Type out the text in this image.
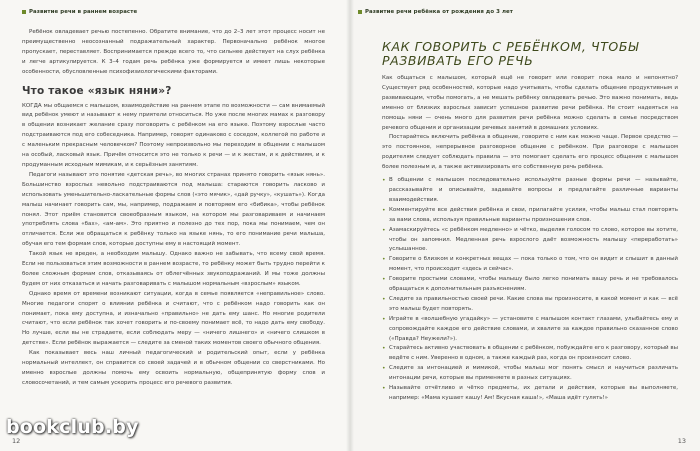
Развитие речи в раннем возрасте

Ребёнок овладевает речью постепенно. Обратите внимание, что до 2–3 лет этот процесс носит не преимущественно неосознанный подражательный характер. Первоначально ребёнок многое пропускает, переставляет. Воспринимается прежде всего то, что сильнее действует на слух ребёнка и легче артикулируется. К 3–4 годам речь ребёнка уже формируется и имеет лишь некоторые особенности, обусловленные психофизиологическими факторами.

Что такое «язык няни»?

КОГДА мы общаемся с малышом, взаимодействие на раннем этапе по возможности — сам внимаемый вид ребёнок умеют и называют к нему приятели относиться. Но уже после многих мамах к разговору в общении возникает желание сразу поговорить с ребёнком на его языке. Поэтому взрослые часто подстраиваются под его собеседника. Например, говорят одинаково с соседом, коллегой по работе и с маленьким прекрасным человечком? Поэтому непроизвольно мы переходим в общении с малышом на особый, ласковый язык. Причём относится это не только к речи — и к жестам, и к действиям, и к продуманным исходным мимикам, и к серьёзным занятиям.

Педагоги называют это понятие «детская речь», во многих странах принято говорить «язык нянь». Большинство взрослых невольно подстраиваются под малыша: стараются говорить ласково и использовать уменьшительно-ласкательные формы слов («это мячик», «дай ручку», «кушать»). Когда малыш начинает говорить сам, мы, например, подражаем и повторяем его «бибика», чтобы ребёнок понял. Этот приём становится своеобразным языком, на котором мы разговариваем и начинаем употреблять слова «бах», «ам-ам». Это приятно и полезно до тех пор, пока мы понимаем, чем он отличается. Если же обращаться к ребёнку только на языке нянь, то его понимание речи малыша, обучая его тем формам слов, которые доступны ему в настоящий момент.

Такой язык не вреден, а необходим малышу. Однако важно не забывать, что всему свой время. Если не пользоваться этим возможности в раннем возрасте, то ребёнку может быть трудно перейти к более сложным формам слов, отказываясь от облегчённых звукоподражаний. И мы тоже должны будем от них отказаться и начать разговаривать с малышом нормальным «взрослым» языком.

Однако время от времени возникают ситуации, когда в семье появляется «неправильное» слово. Многие педагоги спорят о влиянии ребёнка и считают, что с ребёнком надо говорить как он понимает, пока ему доступна, и изначально «правильно» не дать ему шанс. Но многие родители считают, что если ребёнок так хочет говорить и по-своему понимает всё, то надо дать ему свободу. Но лучше, если вы не страдаете, если соблюдать меру — «ничего лишнего» и «ничего слишком в детстве». Если ребёнок выражается — следите за сменой таких моментов своего обычного общения.

Как показывает весь наш личный педагогический и родительский опыт, если у ребёнка нормальный интеллект, он справится со своей задачей и в обычном общении со сверстниками. Но именно взрослые должны помочь ему освоить нормальную, общепринятую форму слов и словосочетаний, и тем самым ускорить процесс его речевого развития.

12
Развитие речи ребёнка от рождения до 3 лет
КАК ГОВОРИТЬ С РЕБЁНКОМ, ЧТОБЫ РАЗВИВАТЬ ЕГО РЕЧЬ

Как общаться с малышом, который ещё не говорит или говорит пока мало и непонятно? Существует ряд особенностей, которые надо учитывать, чтобы сделать общение продуктивным и развивающим, чтобы помогать, а не мешать ребёнку овладевать речью. Это важно понимать, ведь именно от близких взрослых зависит успешное развитие речи ребёнка. Не стоит надеяться на помощь няни — очень много для развития речи ребёнка можно сделать в семье посредством речевого общения и организации речевых занятий в домашних условиях.

Постарайтесь включить ребёнка в общение, говорите с ним как можно чаще. Первое средство — это постоянное, непрерывное разговорное общение с ребёнком. При разговоре с малышом родителям следует соблюдать правила — это помогает сделать его процесс общения с малышом более полезным и, а также активизировать его собственную речь ребёнка.

• В общении с малышом последовательно используйте разные формы речи — называйте, рассказывайте и описывайте, задавайте вопросы и предлагайте различные варианты взаимодействия.
• Комментируйте все действия ребёнка и свои, прилагайте усилия, чтобы малыш стал повторять за вами слова, используя правильные варианты произношения слов.
• Азамаскируйтесь «с ребёнком медленно» и чётко, выделяя голосом то слово, которое вы хотите, чтобы он запомнил. Медленная речь взрослого даёт возможность малышу «переработать» услышанное.
• Говорите о близком и конкретных вещах — пока только о том, что он видит и слышит в данный момент, что происходит «здесь и сейчас».
• Говорите простыми словами, чтобы малышу было легко понимать вашу речь и не требовалось обращаться к дополнительным разъяснениям.
• Следите за правильностью своей речи. Какие слова вы произносите, в какой момент и как — всё это малыш будет повторять.
• Играйте в «волшебную угадайку» — установите с малышом контакт глазами, улыбайтесь ему и сопровождайте каждое его действие словами, и хвалите за каждое правильно сказанное слово («Правда? Неужели?»).
• Старайтесь активно участвовать в общении с ребёнком, побуждайте его к разговору, который вы ведёте с ним. Уверенно в одном, а также каждый раз, когда он произносит слово.
• Следите за интонацией и мимикой, чтобы малыш мог понять смысл и научиться различать интонации речи, которые вы применяете в разных ситуациях.
• Называйте отчётливо и чётко предметы, их детали и действия, которые вы выполняете, например: «Мама кушает кашу! Ам! Вкусная каша!», «Маша идёт гулять!»
13
bookclub.by
